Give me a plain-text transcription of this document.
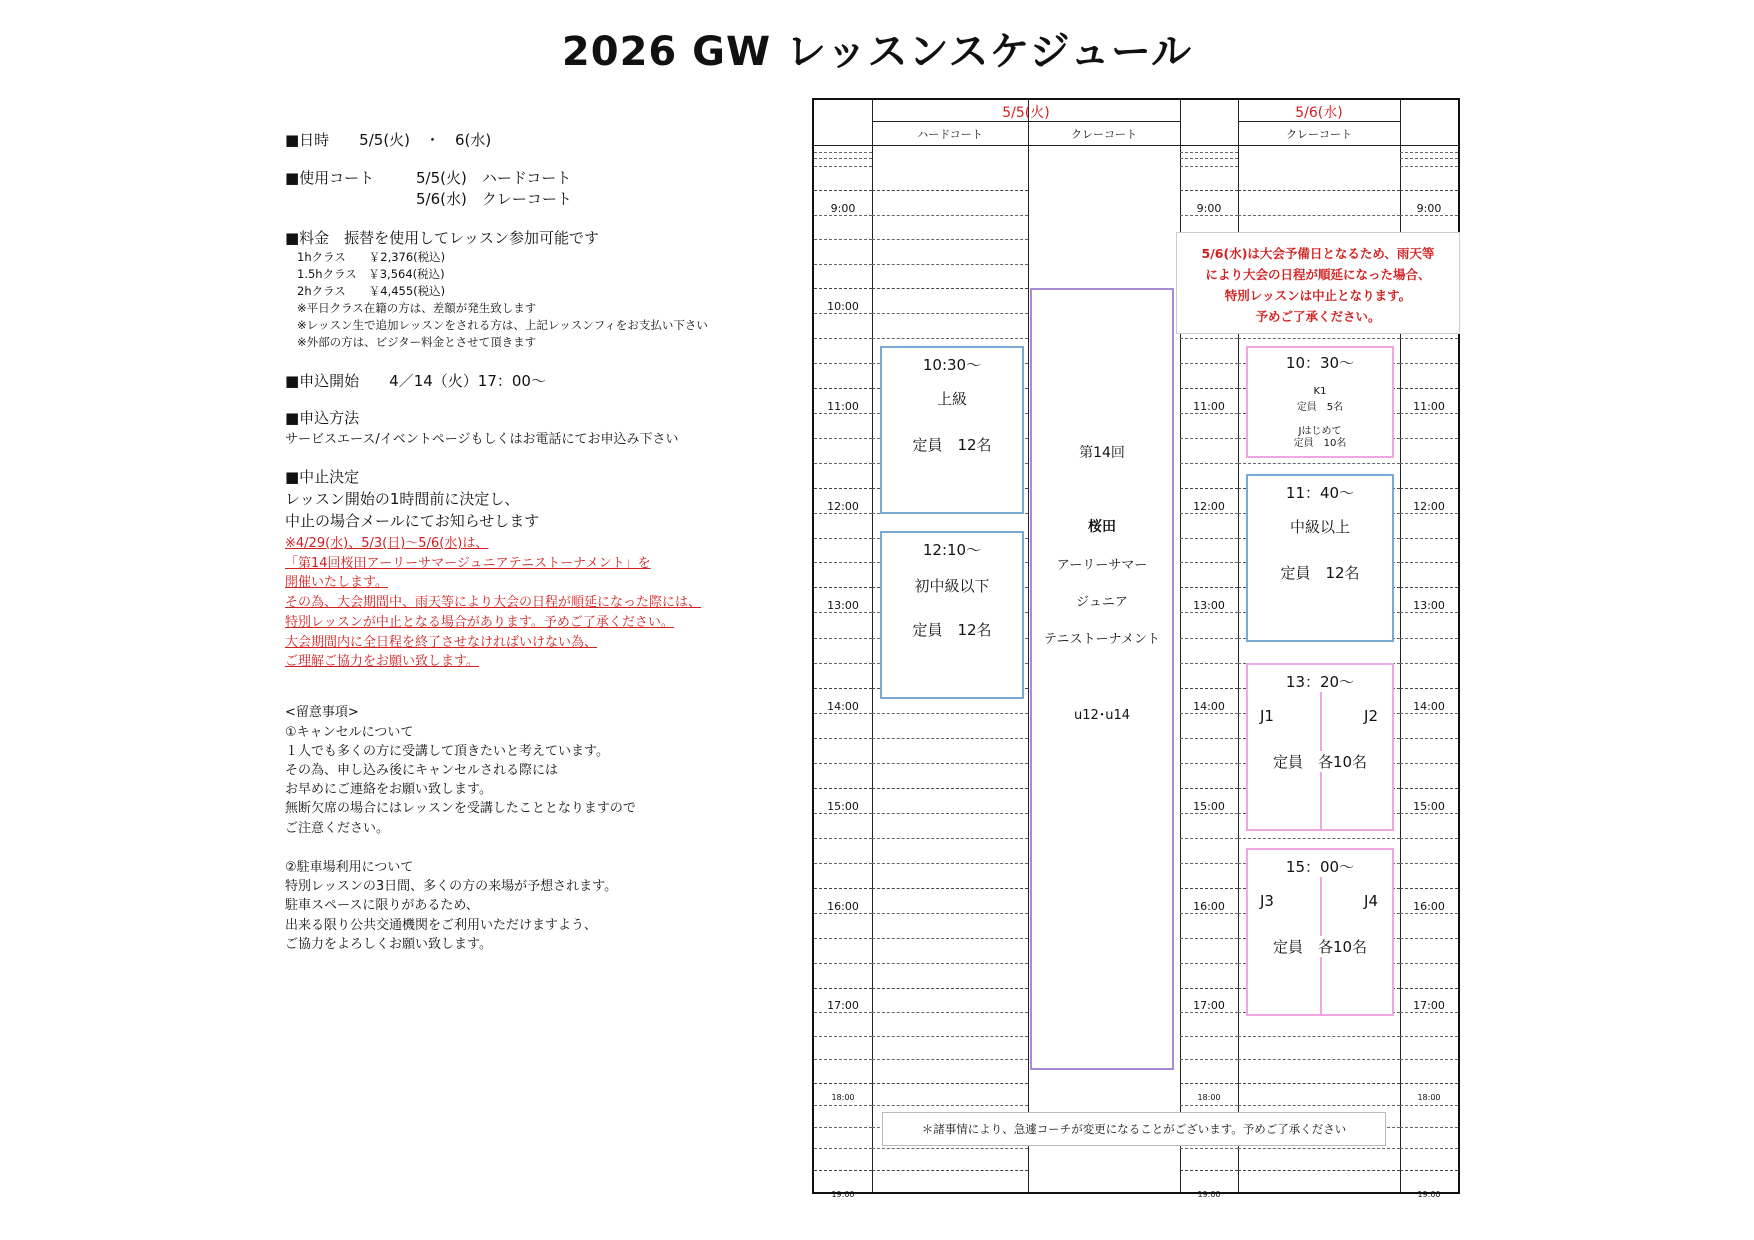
2026 GW レッスンスケジュール
■日時　　5/5(火)　・　6(水)
■使用コート	5/5(火)　ハードコート
5/6(水)　クレーコート
■料金　振替を使用してレッスン参加可能です
1hクラス　　￥2,376(税込)
1.5hクラス　￥3,564(税込)
2hクラス　　￥4,455(税込)
※平日クラス在籍の方は、差額が発生致します
※レッスン生で追加レッスンをされる方は、上記レッスンフィをお支払い下さい
※外部の方は、ビジター料金とさせて頂きます
■申込開始　　4／14（火）17：00～
■申込方法
サービスエース/イベントページもしくはお電話にてお申込み下さい
■中止決定
レッスン開始の1時間前に決定し、
中止の場合メールにてお知らせします
※4/29(水)、5/3(日)～5/6(水)は、
「第14回桜田アーリーサマージュニアテニストーナメント」を
開催いたします。
その為、大会期間中、雨天等により大会の日程が順延になった際には、
特別レッスンが中止となる場合があります。予めご了承ください。
大会期間内に全日程を終了させなければいけない為、
ご理解ご協力をお願い致します。
<留意事項>
①キャンセルについて
１人でも多くの方に受講して頂きたいと考えています。
その為、申し込み後にキャンセルされる際には
お早めにご連絡をお願い致します。
無断欠席の場合にはレッスンを受講したこととなりますので
ご注意ください。
②駐車場利用について
特別レッスンの3日間、多くの方の来場が予想されます。
駐車スペースに限りがあるため、
出来る限り公共交通機関をご利用いただけますよう、
ご協力をよろしくお願い致します。
5/5(火)	5/6(水)
ハードコート	クレーコート	クレーコート
9:00	9:00	9:00
10:00
11:00	11:00	11:00
12:00	12:00	12:00
13:00	13:00	13:00
14:00	14:00	14:00
15:00	15:00	15:00
16:00	16:00	16:00
17:00	17:00	17:00
18:00	18:00	18:00
19:00	19:00	19:00
10:30～
上級
定員　12名
12:10～
初中級以下
定員　12名
第14回
桜田
アーリーサマー
ジュニア
テニストーナメント
u12･u14
10：30～
K1
定員　5名
Jはじめて
定員　10名
11：40～
中級以上
定員　12名
13：20～
J1	J2
定員　各10名
15：00～
J3	J4
定員　各10名
5/6(水)は大会予備日となるため、雨天等
により大会の日程が順延になった場合、
特別レッスンは中止となります。
予めご了承ください。
＊諸事情により、急遽コーチが変更になることがございます。予めご了承ください
